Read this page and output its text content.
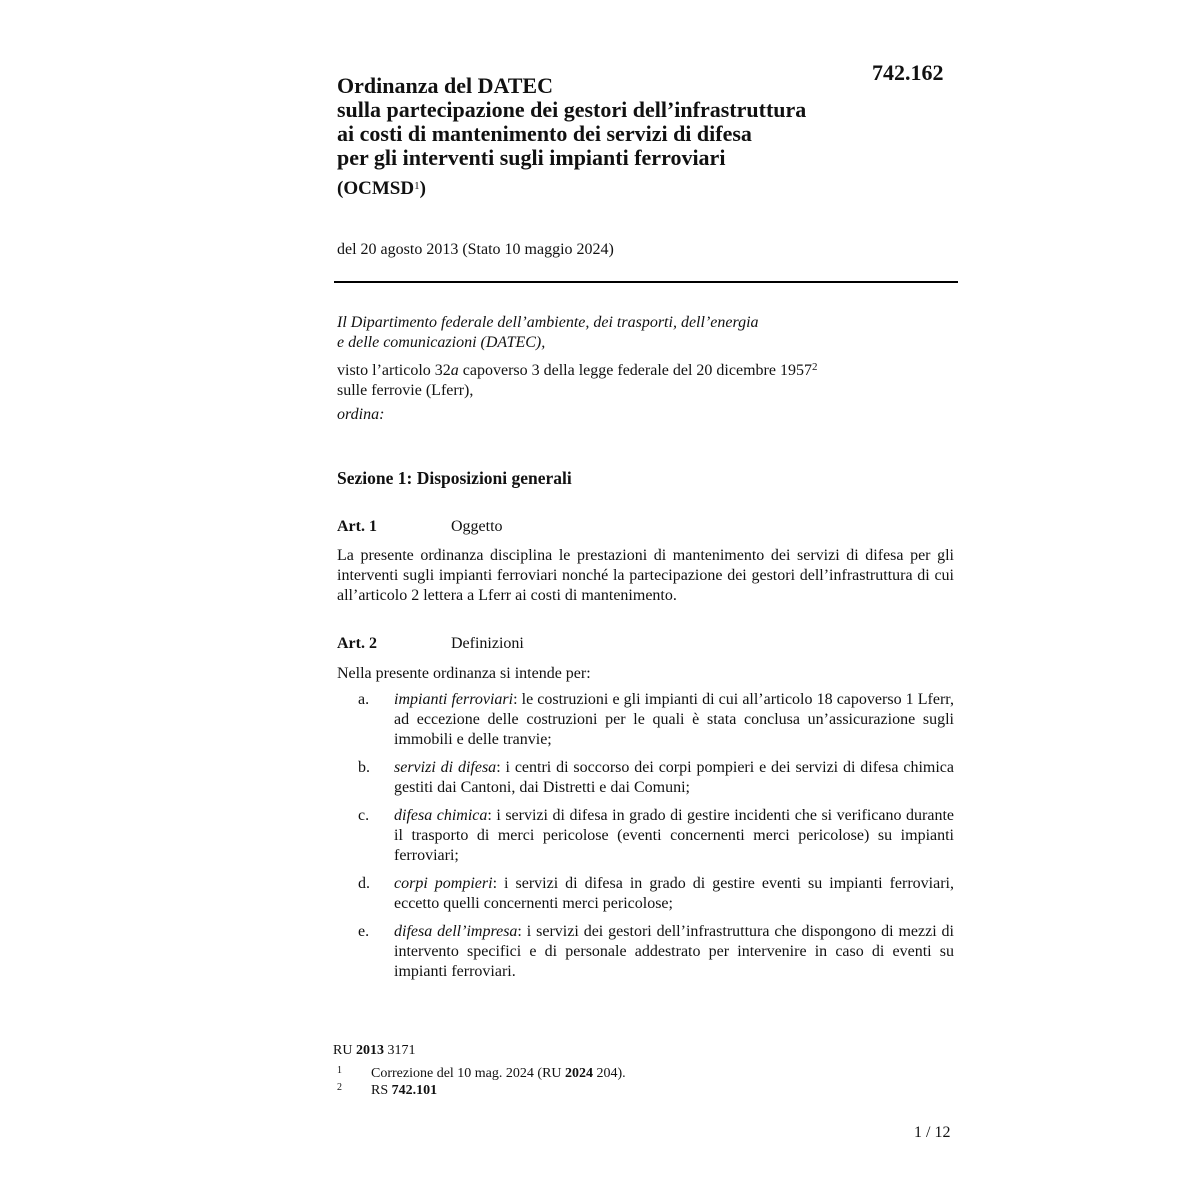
742.162
Ordinanza del DATEC
sulla partecipazione dei gestori dell’infrastruttura
ai costi di mantenimento dei servizi di difesa
per gli interventi sugli impianti ferroviari

(OCMSD$^1$)

del 20 agosto 2013 (Stato 10 maggio 2024)

Il Dipartimento federale dell’ambiente, dei trasporti, dell’energia

e delle comunicazioni (DATEC),

visto l’articolo 32a capoverso 3 della legge federale del 20 dicembre 1957$^2$

sulle ferrovie (Lferr),

ordina:

Sezione 1: Disposizioni generali
Art. 1	Oggetto

La presente ordinanza disciplina le prestazioni di mantenimento dei servizi di difesa per gli interventi sugli impianti ferroviari nonché la partecipazione dei gestori dell’infrastruttura di cui all’articolo 2 lettera a Lferr ai costi di mantenimento.

Art. 2	Definizioni

Nella presente ordinanza si intende per:

a. impianti ferroviari: le costruzioni e gli impianti di cui all’articolo 18 capoverso 1 Lferr, ad eccezione delle costruzioni per le quali è stata conclusa un’assicurazione sugli immobili e delle tranvie;
b. servizi di difesa: i centri di soccorso dei corpi pompieri e dei servizi di difesa chimica gestiti dai Cantoni, dai Distretti e dai Comuni;
c. difesa chimica: i servizi di difesa in grado di gestire incidenti che si verificano durante il trasporto di merci pericolose (eventi concernenti merci pericolose) su impianti ferroviari;
d. corpi pompieri: i servizi di difesa in grado di gestire eventi su impianti ferroviari, eccetto quelli concernenti merci pericolose;
e. difesa dell’impresa: i servizi dei gestori dell’infrastruttura che dispongono di mezzi di intervento specifici e di personale addestrato per intervenire in caso di eventi su impianti ferroviari.
RU 2013 3171
1 Correzione del 10 mag. 2024 (RU 2024 204).
2 RS 742.101
1 / 12
